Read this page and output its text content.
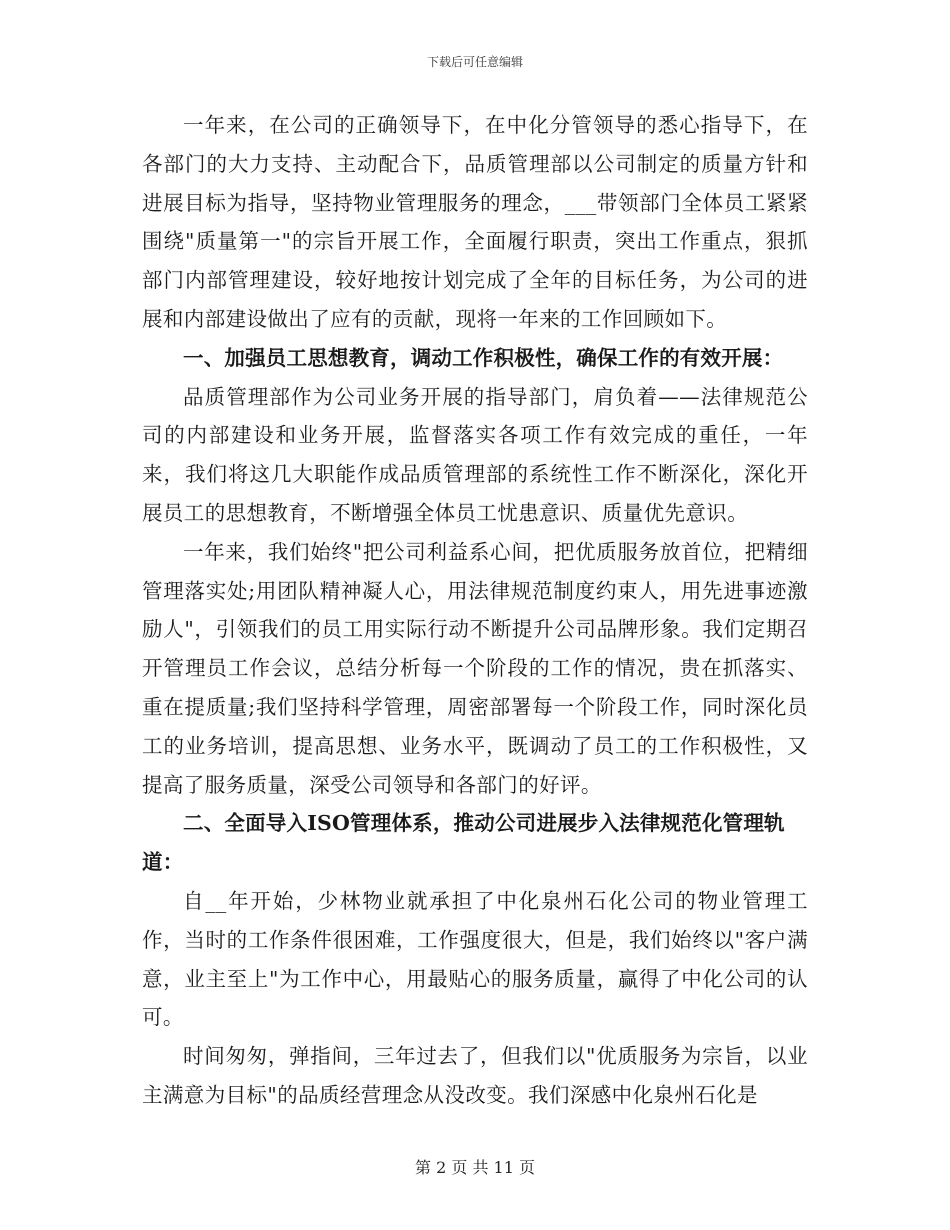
下载后可任意编辑

一年来，在公司的正确领导下，在中化分管领导的悉心指导下，在各部门的大力支持、主动配合下，品质管理部以公司制定的质量方针和进展目标为指导，坚持物业管理服务的理念，___带领部门全体员工紧紧围绕"质量第一"的宗旨开展工作，全面履行职责，突出工作重点，狠抓部门内部管理建设，较好地按计划完成了全年的目标任务，为公司的进展和内部建设做出了应有的贡献，现将一年来的工作回顾如下。

一、加强员工思想教育，调动工作积极性，确保工作的有效开展：

品质管理部作为公司业务开展的指导部门，肩负着——法律规范公司的内部建设和业务开展，监督落实各项工作有效完成的重任，一年来，我们将这几大职能作成品质管理部的系统性工作不断深化，深化开展员工的思想教育，不断增强全体员工忧患意识、质量优先意识。

一年来，我们始终"把公司利益系心间，把优质服务放首位，把精细管理落实处;用团队精神凝人心，用法律规范制度约束人，用先进事迹激励人"，引领我们的员工用实际行动不断提升公司品牌形象。我们定期召开管理员工作会议，总结分析每一个阶段的工作的情况，贵在抓落实、重在提质量;我们坚持科学管理，周密部署每一个阶段工作，同时深化员工的业务培训，提高思想、业务水平，既调动了员工的工作积极性，又提高了服务质量，深受公司领导和各部门的好评。

二、全面导入ISO管理体系，推动公司进展步入法律规范化管理轨道：

自__年开始，少林物业就承担了中化泉州石化公司的物业管理工作，当时的工作条件很困难，工作强度很大，但是，我们始终以"客户满意，业主至上"为工作中心，用最贴心的服务质量，赢得了中化公司的认可。

时间匆匆，弹指间，三年过去了，但我们以"优质服务为宗旨，以业主满意为目标"的品质经营理念从没改变。我们深感中化泉州石化是

第 2 页 共 11 页
